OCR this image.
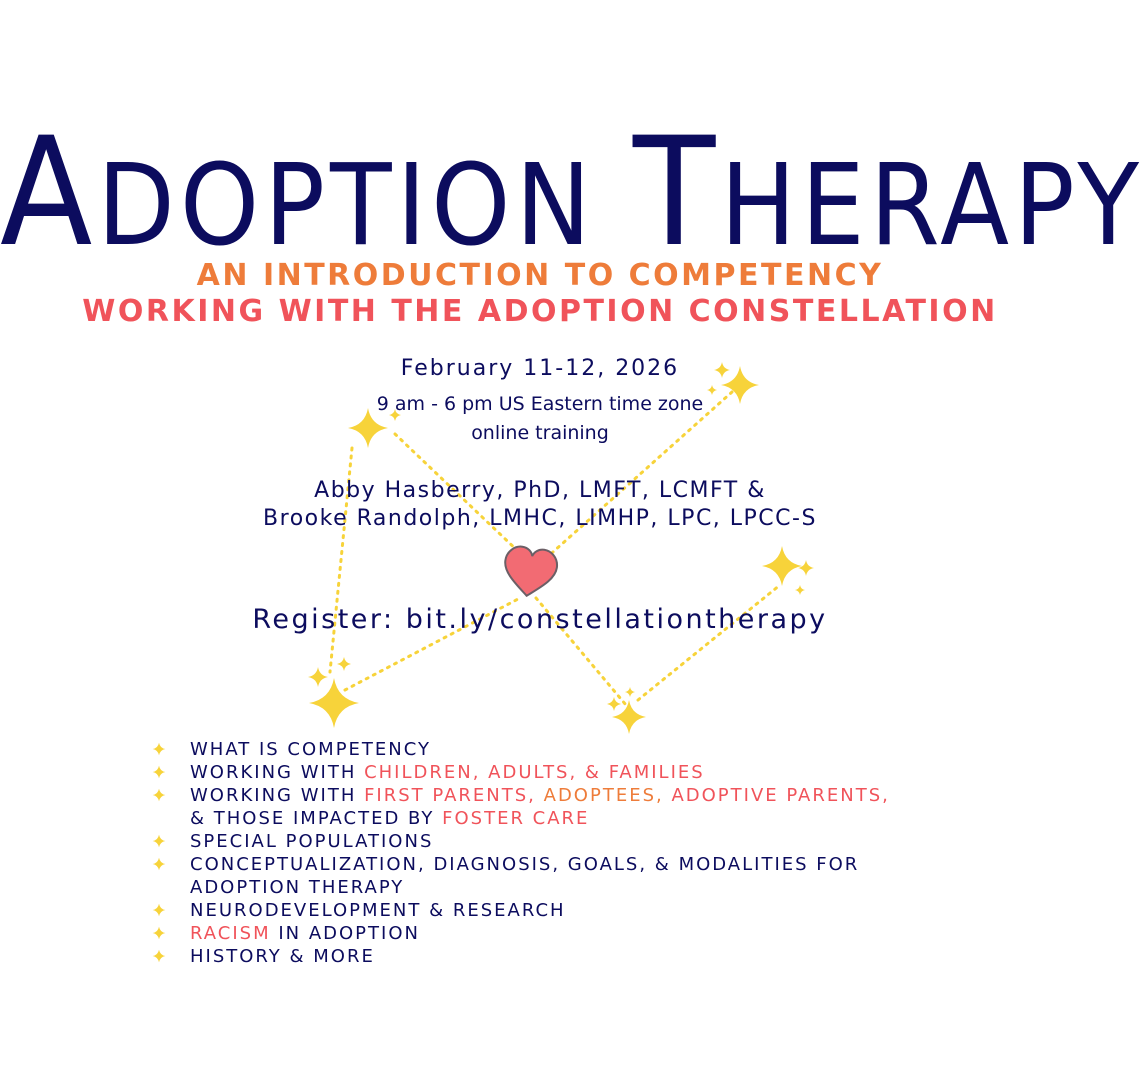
ADOPTION THERAPY
AN INTRODUCTION TO COMPETENCY
WORKING WITH THE ADOPTION CONSTELLATION
February 11-12, 2026
9 am - 6 pm US Eastern time zone
online training
Abby Hasberry, PhD, LMFT, LCMFT &
Brooke Randolph, LMHC, LIMHP, LPC, LPCC-S
Register: bit.ly/constellationtherapy
WHAT IS COMPETENCY
WORKING WITH CHILDREN, ADULTS, & FAMILIES
WORKING WITH FIRST PARENTS, ADOPTEES, ADOPTIVE PARENTS,
& THOSE IMPACTED BY FOSTER CARE
SPECIAL POPULATIONS
CONCEPTUALIZATION, DIAGNOSIS, GOALS, & MODALITIES FOR
ADOPTION THERAPY
NEURODEVELOPMENT & RESEARCH
RACISM IN ADOPTION
HISTORY & MORE
